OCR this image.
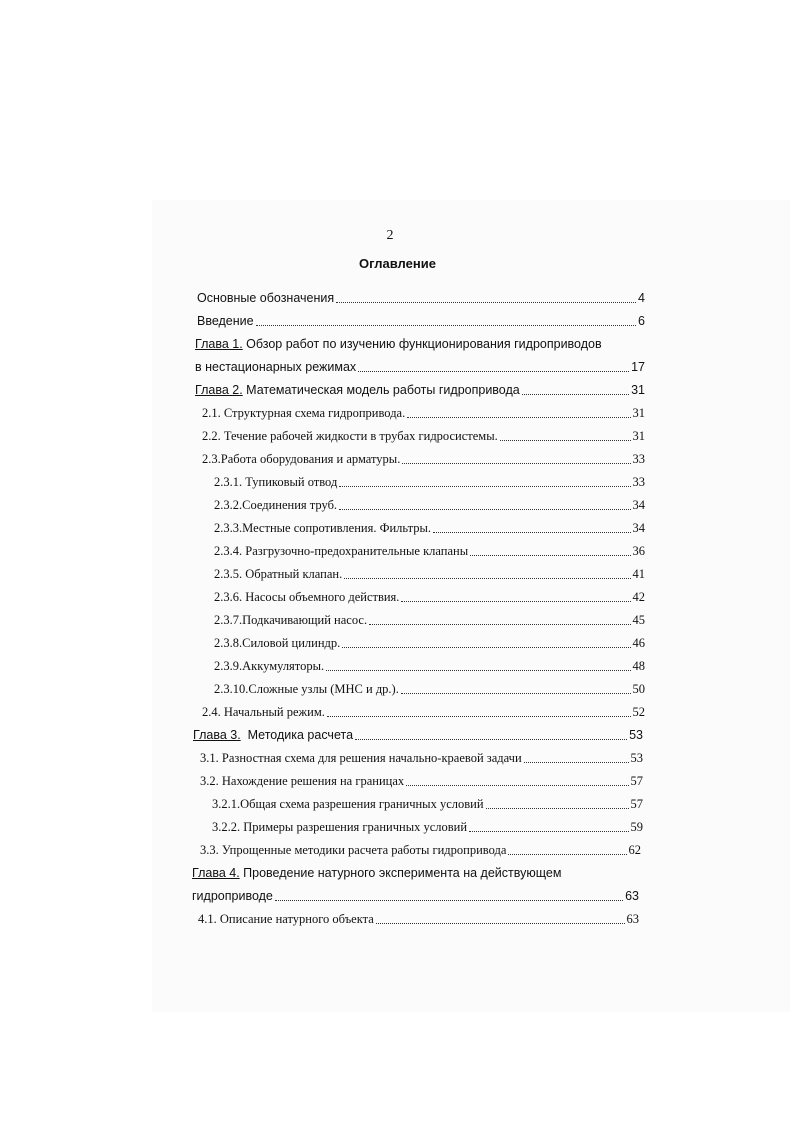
2
Оглавление
Основные обозначения	4
Введение	6
Глава 1. Обзор работ по изучению функционирования гидроприводов
в нестационарных режимах	17
Глава 2. Математическая модель работы гидропривода	31
2.1. Структурная схема гидропривода.	31
2.2. Течение рабочей жидкости в трубах гидросистемы.	31
2.3.Работа оборудования и арматуры.	33
2.3.1. Тупиковый отвод	33
2.3.2.Соединения труб.	34
2.3.3.Местные сопротивления. Фильтры.	34
2.3.4. Разгрузочно-предохранительные клапаны	36
2.3.5. Обратный клапан.	41
2.3.6. Насосы объемного действия.	42
2.3.7.Подкачивающий насос.	45
2.3.8.Силовой цилиндр.	46
2.3.9.Аккумуляторы.	48
2.3.10.Сложные узлы (МНС и др.).	50
2.4. Начальный режим.	52
Глава 3. Методика расчета	53
3.1. Разностная схема для решения начально-краевой задачи	53
3.2. Нахождение решения на границах	57
3.2.1.Общая схема разрешения граничных условий	57
3.2.2. Примеры разрешения граничных условий	59
3.3. Упрощенные методики расчета работы гидропривода	62
Глава 4. Проведение натурного эксперимента на действующем
гидроприводе	63
4.1. Описание натурного объекта	63
